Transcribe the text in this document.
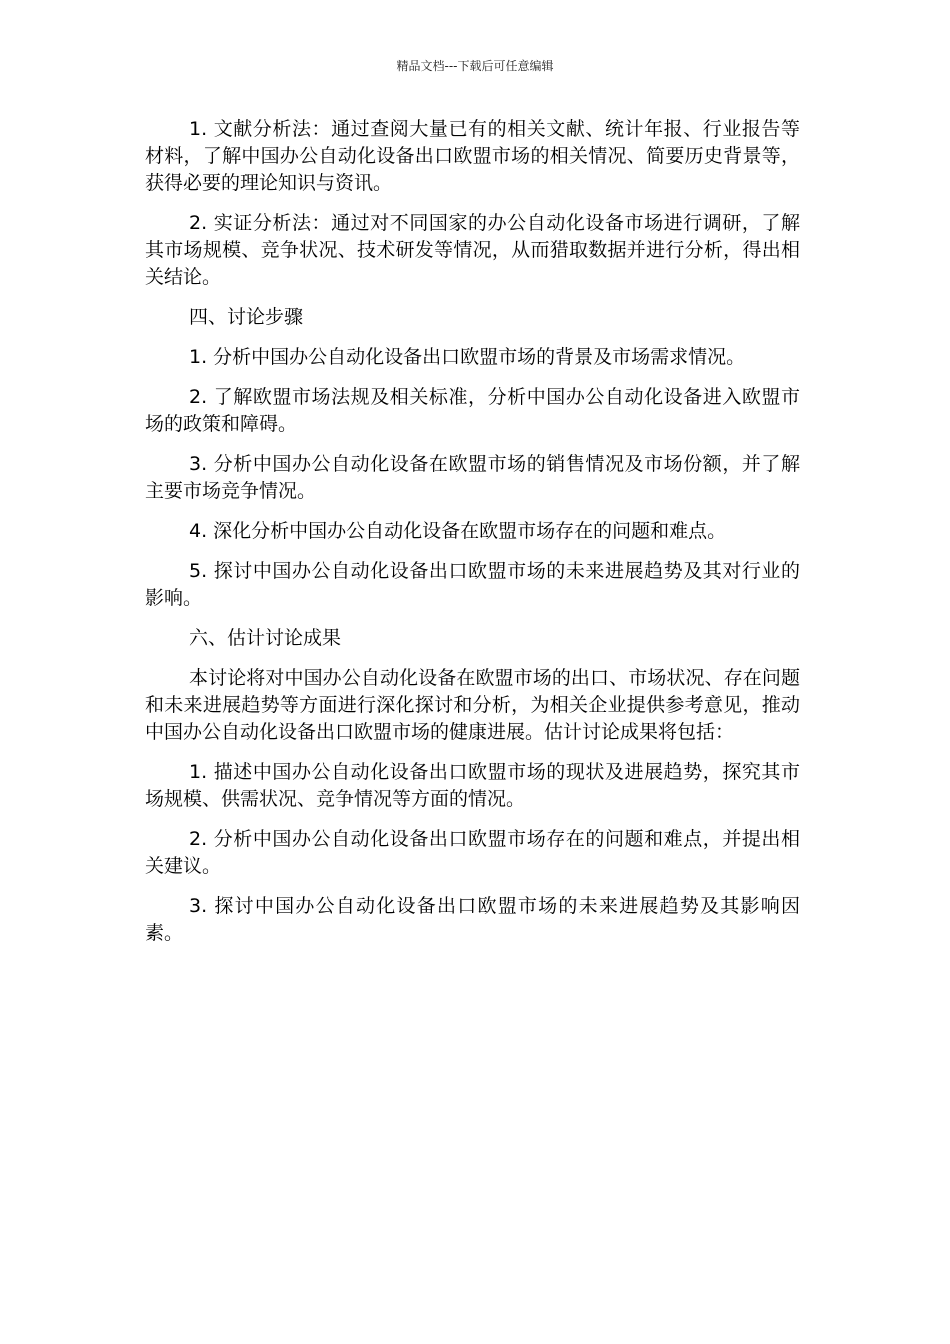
精品文档---下载后可任意编辑

1. 文献分析法：通过查阅大量已有的相关文献、统计年报、行业报告等材料，了解中国办公自动化设备出口欧盟市场的相关情况、简要历史背景等，获得必要的理论知识与资讯。

2. 实证分析法：通过对不同国家的办公自动化设备市场进行调研，了解其市场规模、竞争状况、技术研发等情况，从而猎取数据并进行分析，得出相关结论。

四、讨论步骤

1. 分析中国办公自动化设备出口欧盟市场的背景及市场需求情况。

2. 了解欧盟市场法规及相关标准，分析中国办公自动化设备进入欧盟市场的政策和障碍。

3. 分析中国办公自动化设备在欧盟市场的销售情况及市场份额，并了解主要市场竞争情况。

4. 深化分析中国办公自动化设备在欧盟市场存在的问题和难点。

5. 探讨中国办公自动化设备出口欧盟市场的未来进展趋势及其对行业的影响。

六、估计讨论成果

本讨论将对中国办公自动化设备在欧盟市场的出口、市场状况、存在问题和未来进展趋势等方面进行深化探讨和分析，为相关企业提供参考意见，推动中国办公自动化设备出口欧盟市场的健康进展。估计讨论成果将包括：

1. 描述中国办公自动化设备出口欧盟市场的现状及进展趋势，探究其市场规模、供需状况、竞争情况等方面的情况。

2. 分析中国办公自动化设备出口欧盟市场存在的问题和难点，并提出相关建议。

3. 探讨中国办公自动化设备出口欧盟市场的未来进展趋势及其影响因素。
